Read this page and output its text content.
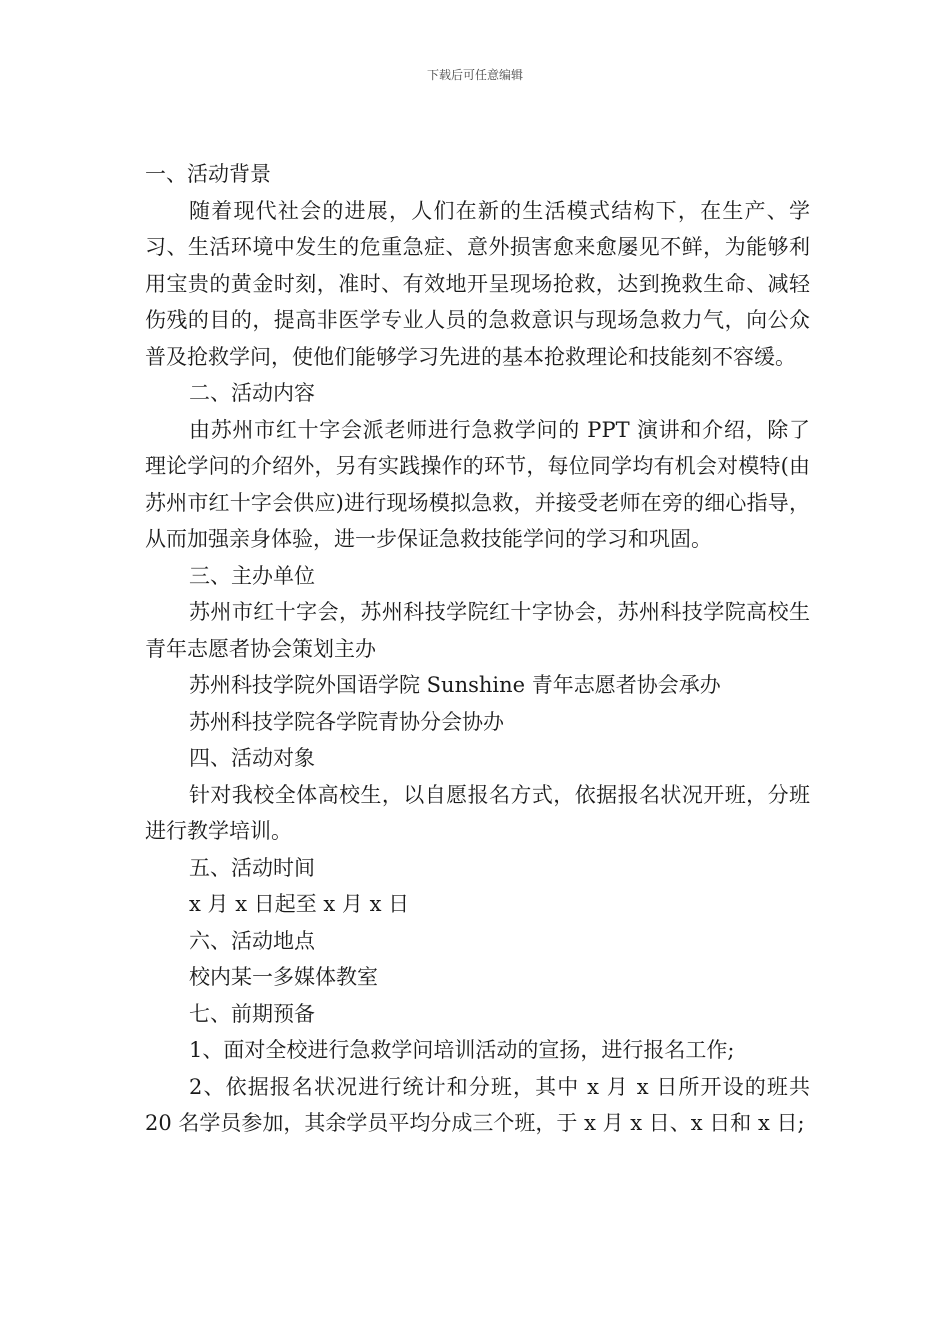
下载后可任意编辑

一、活动背景

随着现代社会的进展，人们在新的生活模式结构下，在生产、学习、生活环境中发生的危重急症、意外损害愈来愈屡见不鲜，为能够利用宝贵的黄金时刻，准时、有效地开呈现场抢救，达到挽救生命、减轻伤残的目的，提高非医学专业人员的急救意识与现场急救力气，向公众普及抢救学问，使他们能够学习先进的基本抢救理论和技能刻不容缓。

二、活动内容

由苏州市红十字会派老师进行急救学问的 PPT 演讲和介绍，除了理论学问的介绍外，另有实践操作的环节，每位同学均有机会对模特(由苏州市红十字会供应)进行现场模拟急救，并接受老师在旁的细心指导，从而加强亲身体验，进一步保证急救技能学问的学习和巩固。

三、主办单位

苏州市红十字会，苏州科技学院红十字协会，苏州科技学院高校生青年志愿者协会策划主办

苏州科技学院外国语学院 Sunshine 青年志愿者协会承办

苏州科技学院各学院青协分会协办

四、活动对象

针对我校全体高校生，以自愿报名方式，依据报名状况开班，分班进行教学培训。

五、活动时间

x 月 x 日起至 x 月 x 日

六、活动地点

校内某一多媒体教室

七、前期预备

1、面对全校进行急救学问培训活动的宣扬，进行报名工作;

2、依据报名状况进行统计和分班，其中 x 月 x 日所开设的班共 20 名学员参加，其余学员平均分成三个班，于 x 月 x 日、x 日和 x 日;
